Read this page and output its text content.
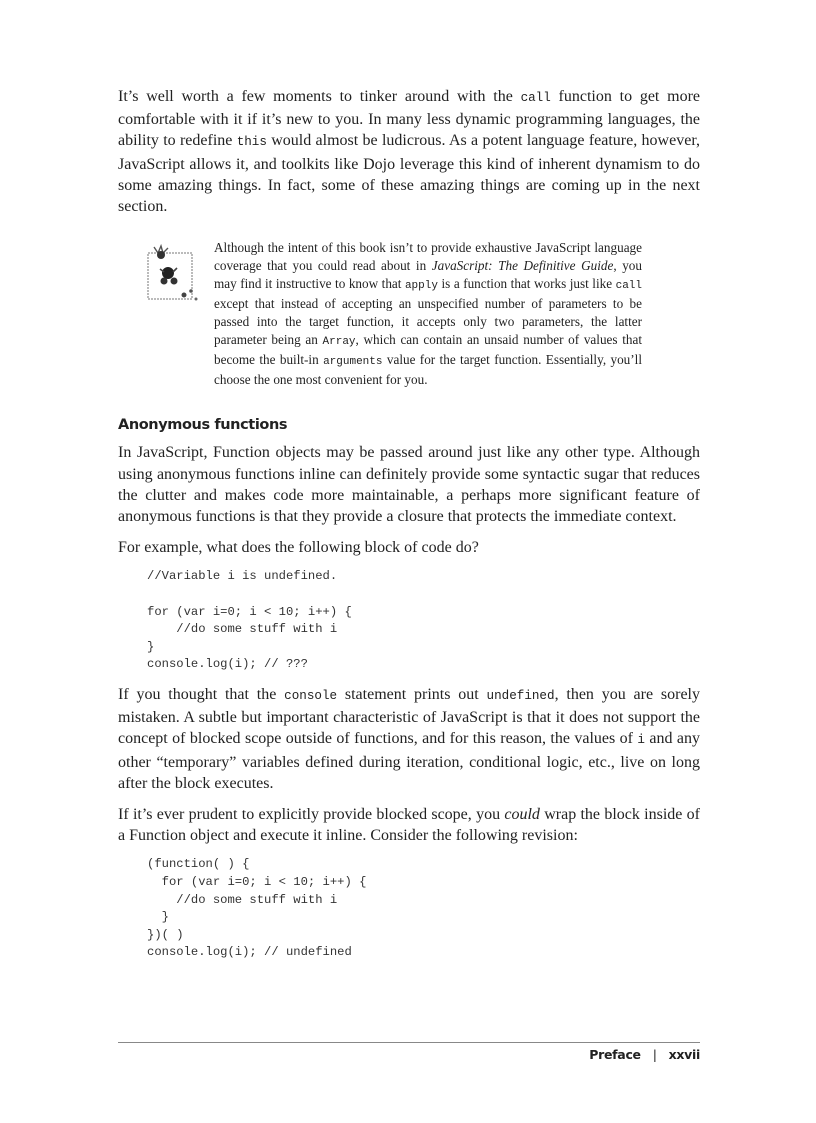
It’s well worth a few moments to tinker around with the call function to get more comfortable with it if it’s new to you. In many less dynamic programming languages, the ability to redefine this would almost be ludicrous. As a potent language feature, however, JavaScript allows it, and toolkits like Dojo leverage this kind of inherent dynamism to do some amazing things. In fact, some of these amazing things are coming up in the next section.

Although the intent of this book isn’t to provide exhaustive JavaScript language coverage that you could read about in JavaScript: The Definitive Guide, you may find it instructive to know that apply is a function that works just like call except that instead of accepting an unspecified number of parameters to be passed into the target function, it accepts only two parameters, the latter parameter being an Array, which can contain an unsaid number of values that become the built-in arguments value for the target function. Essentially, you’ll choose the one most convenient for you.
Anonymous functions

In JavaScript, Function objects may be passed around just like any other type. Although using anonymous functions inline can definitely provide some syntactic sugar that reduces the clutter and makes code more maintainable, a perhaps more significant feature of anonymous functions is that they provide a closure that protects the immediate context.

For example, what does the following block of code do?

//Variable i is undefined.

for (var i=0; i < 10; i++) {
//do some stuff with i
}
console.log(i); // ???

If you thought that the console statement prints out undefined, then you are sorely mistaken. A subtle but important characteristic of JavaScript is that it does not support the concept of blocked scope outside of functions, and for this reason, the values of i and any other “temporary” variables defined during iteration, conditional logic, etc., live on long after the block executes.

If it’s ever prudent to explicitly provide blocked scope, you could wrap the block inside of a Function object and execute it inline. Consider the following revision:

(function( ) {
for (var i=0; i < 10; i++) {
//do some stuff with i
}
})( )
console.log(i); // undefined
Preface | xxvii
